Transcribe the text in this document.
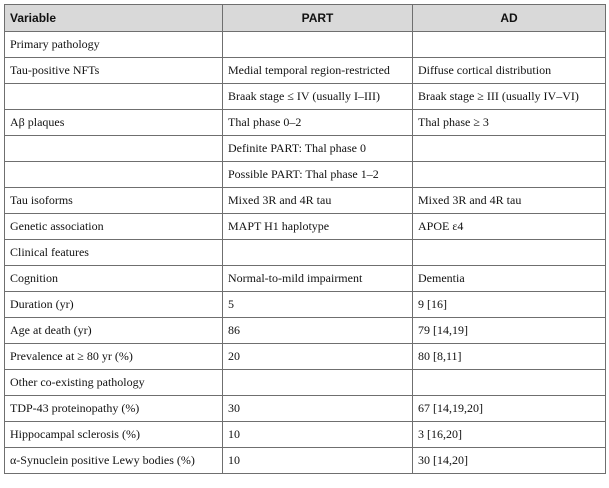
Variable	PART	AD
Primary pathology		
Tau-positive NFTs	Medial temporal region-restricted	Diffuse cortical distribution
	Braak stage ≤ IV (usually I–III)	Braak stage ≥ III (usually IV–VI)
Aβ plaques	Thal phase 0–2	Thal phase ≥ 3
	Definite PART: Thal phase 0	
	Possible PART: Thal phase 1–2	
Tau isoforms	Mixed 3R and 4R tau	Mixed 3R and 4R tau
Genetic association	MAPT H1 haplotype	APOE ε4
Clinical features		
Cognition	Normal-to-mild impairment	Dementia
Duration (yr)	5	9 [16]
Age at death (yr)	86	79 [14,19]
Prevalence at ≥ 80 yr (%)	20	80 [8,11]
Other co-existing pathology		
TDP-43 proteinopathy (%)	30	67 [14,19,20]
Hippocampal sclerosis (%)	10	3 [16,20]
α-Synuclein positive Lewy bodies (%)	10	30 [14,20]
